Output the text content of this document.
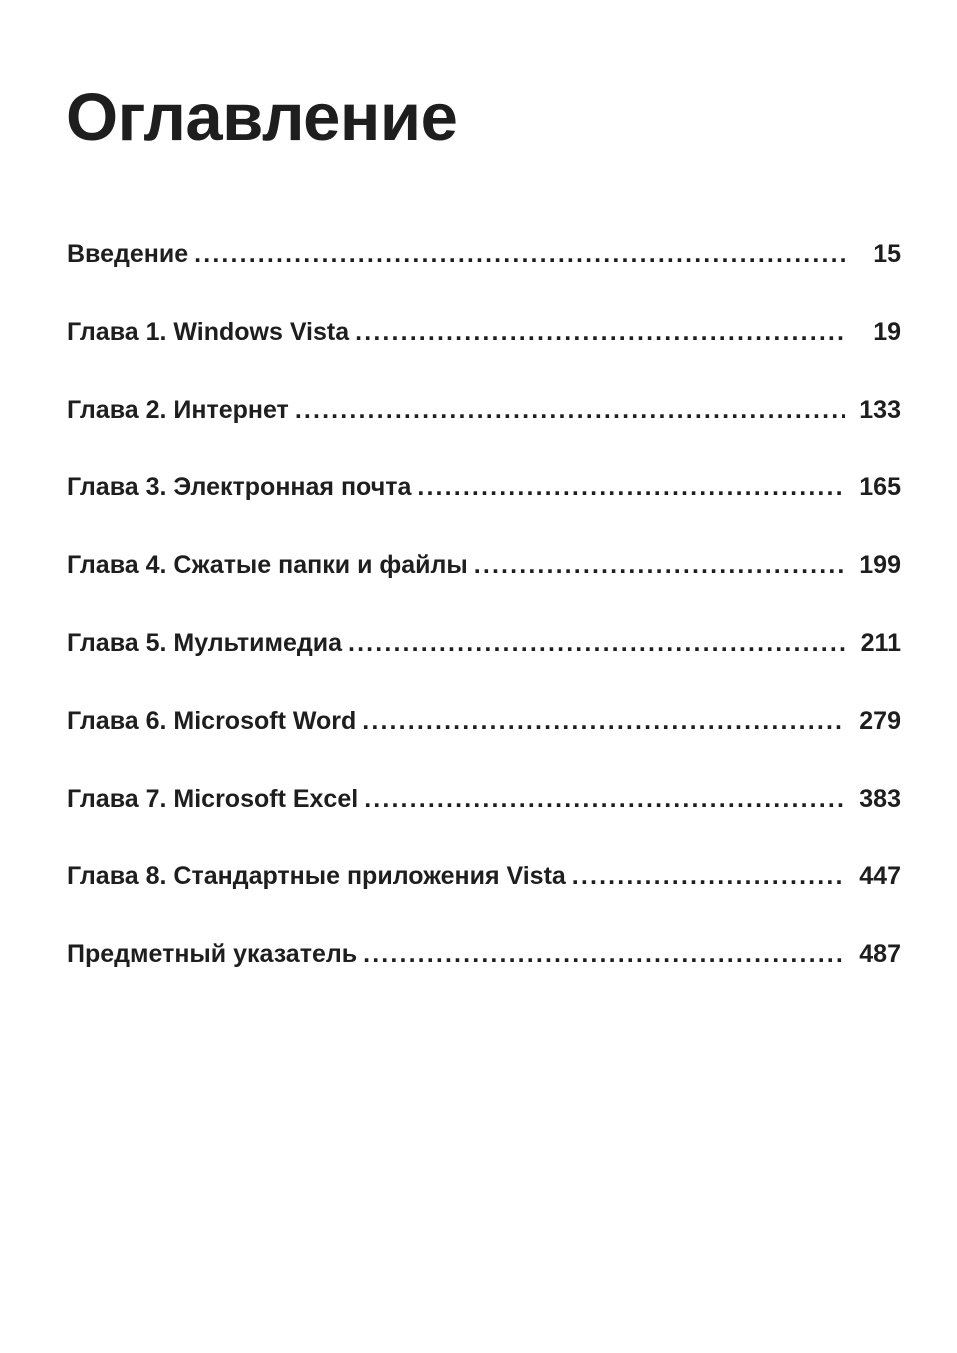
Оглавление
Введение . . .	15
Глава 1. Windows Vista . . .	19
Глава 2. Интернет . . .	133
Глава 3. Электронная почта . . .	165
Глава 4. Сжатые папки и файлы . . .	199
Глава 5. Мультимедиа . . .	211
Глава 6. Microsoft Word . . .	279
Глава 7. Microsoft Excel . . .	383
Глава 8. Стандартные приложения Vista . . .	447
Предметный указатель . . .	487
